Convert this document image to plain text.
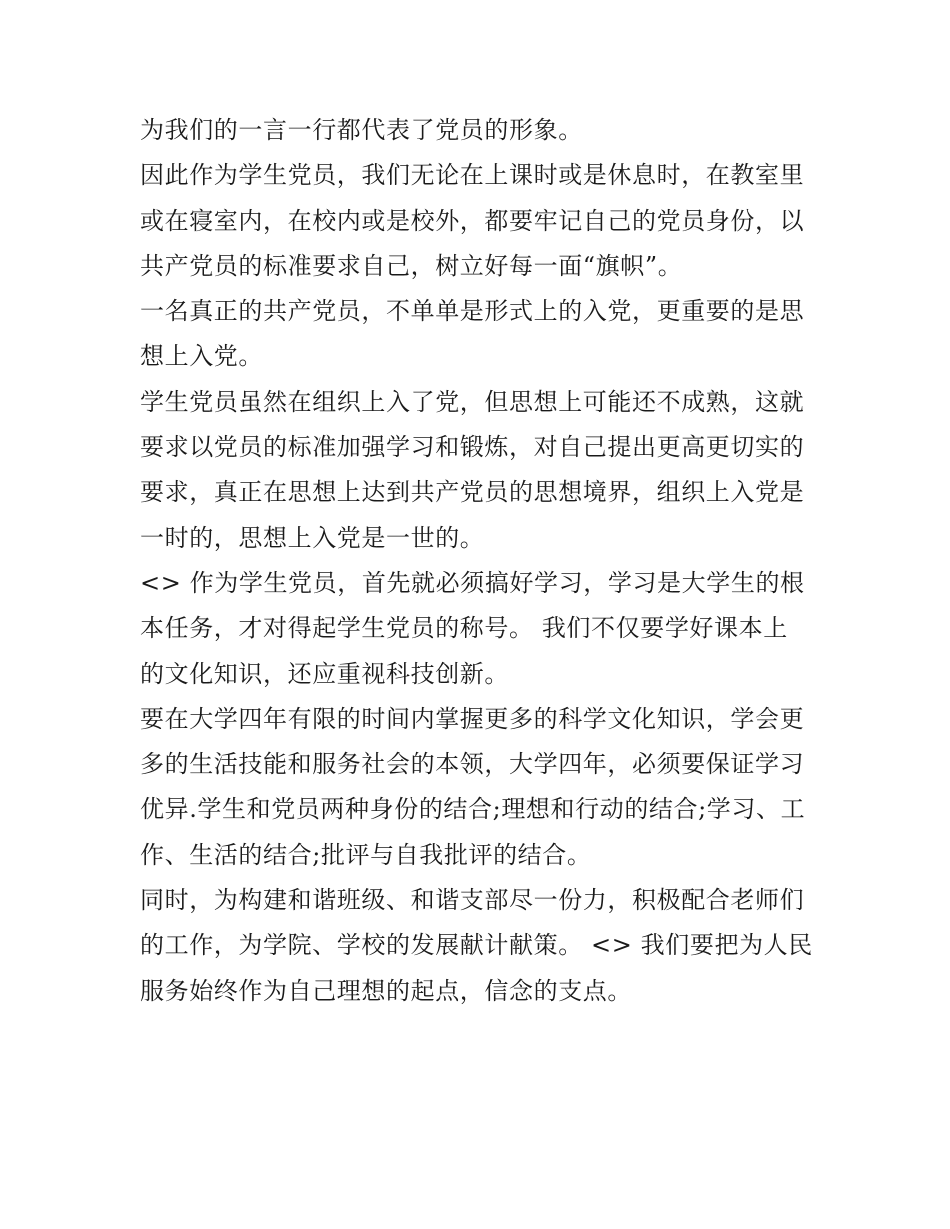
为我们的一言一行都代表了党员的形象。

因此作为学生党员，我们无论在上课时或是休息时，在教室里
或在寝室内，在校内或是校外，都要牢记自己的党员身份，以
共产党员的标准要求自己，树立好每一面“旗帜”。

一名真正的共产党员，不单单是形式上的入党，更重要的是思
想上入党。

学生党员虽然在组织上入了党，但思想上可能还不成熟，这就
要求以党员的标准加强学习和锻炼，对自己提出更高更切实的
要求，真正在思想上达到共产党员的思想境界，组织上入党是
一时的，思想上入党是一世的。

<> 作为学生党员，首先就必须搞好学习，学习是大学生的根
本任务，才对得起学生党员的称号。 我们不仅要学好课本上
的文化知识，还应重视科技创新。

要在大学四年有限的时间内掌握更多的科学文化知识，学会更
多的生活技能和服务社会的本领，大学四年，必须要保证学习
优异.学生和党员两种身份的结合;理想和行动的结合;学习、工
作、生活的结合;批评与自我批评的结合。

同时，为构建和谐班级、和谐支部尽一份力，积极配合老师们
的工作，为学院、学校的发展献计献策。 <> 我们要把为人民
服务始终作为自己理想的起点，信念的支点。
